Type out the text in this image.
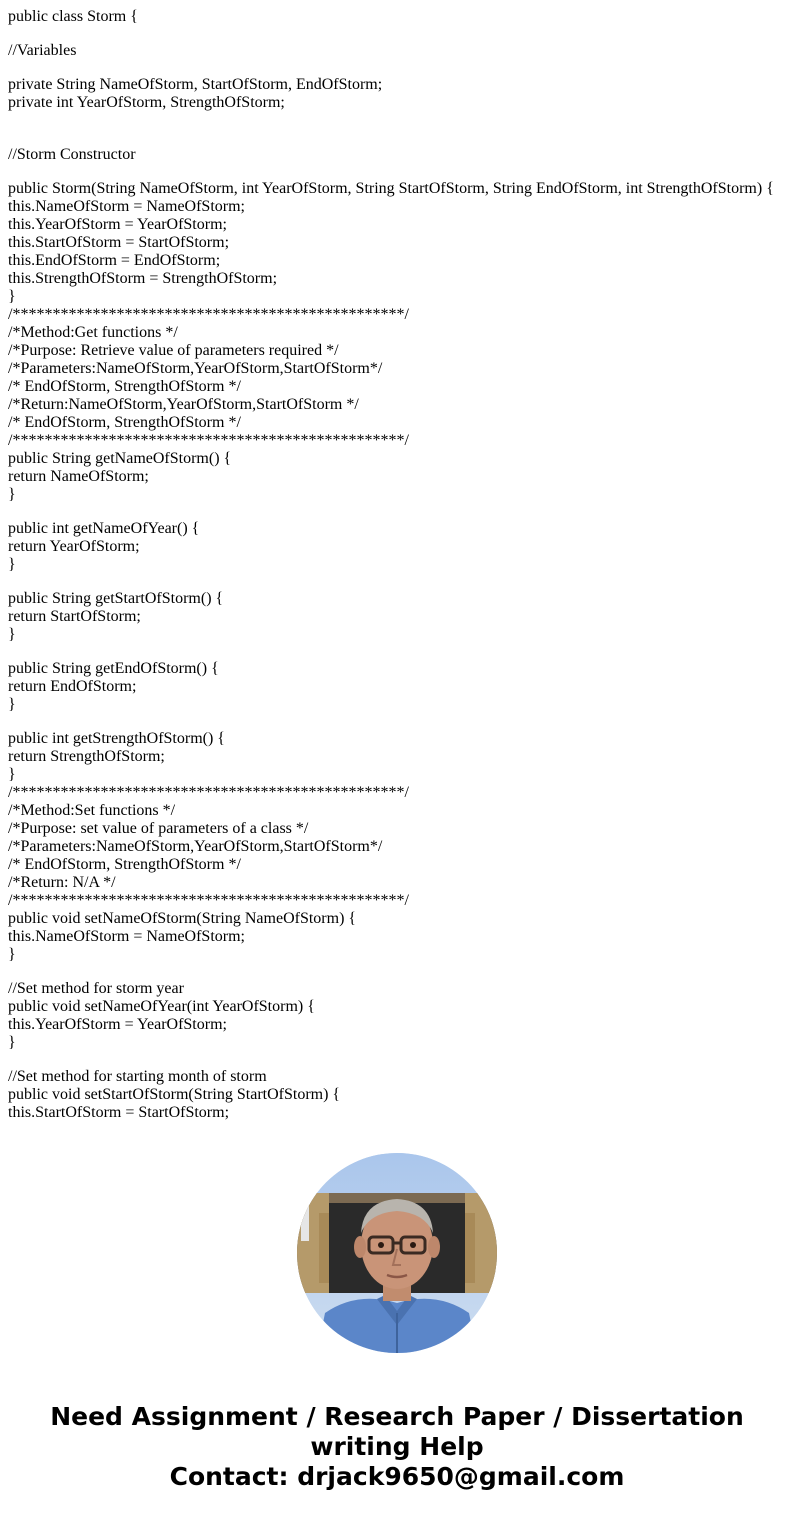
public class Storm {
//Variables
private String NameOfStorm, StartOfStorm, EndOfStorm;
private int YearOfStorm, StrengthOfStorm;
//Storm Constructor
public Storm(String NameOfStorm, int YearOfStorm, String StartOfStorm, String EndOfStorm, int StrengthOfStorm) {
this.NameOfStorm = NameOfStorm;
this.YearOfStorm = YearOfStorm;
this.StartOfStorm = StartOfStorm;
this.EndOfStorm = EndOfStorm;
this.StrengthOfStorm = StrengthOfStorm;
}
/*************************************************/
/*Method:Get functions */
/*Purpose: Retrieve value of parameters required */
/*Parameters:NameOfStorm,YearOfStorm,StartOfStorm*/
/* EndOfStorm, StrengthOfStorm */
/*Return:NameOfStorm,YearOfStorm,StartOfStorm */
/* EndOfStorm, StrengthOfStorm */
/*************************************************/
public String getNameOfStorm() {
return NameOfStorm;
}
public int getNameOfYear() {
return YearOfStorm;
}
public String getStartOfStorm() {
return StartOfStorm;
}
public String getEndOfStorm() {
return EndOfStorm;
}
public int getStrengthOfStorm() {
return StrengthOfStorm;
}
/*************************************************/
/*Method:Set functions */
/*Purpose: set value of parameters of a class */
/*Parameters:NameOfStorm,YearOfStorm,StartOfStorm*/
/* EndOfStorm, StrengthOfStorm */
/*Return: N/A */
/*************************************************/
public void setNameOfStorm(String NameOfStorm) {
this.NameOfStorm = NameOfStorm;
}
//Set method for storm year
public void setNameOfYear(int YearOfStorm) {
this.YearOfStorm = YearOfStorm;
}
//Set method for starting month of storm
public void setStartOfStorm(String StartOfStorm) {
this.StartOfStorm = StartOfStorm;
Need Assignment / Research Paper / Dissertation
writing Help
Contact: drjack9650@gmail.com
